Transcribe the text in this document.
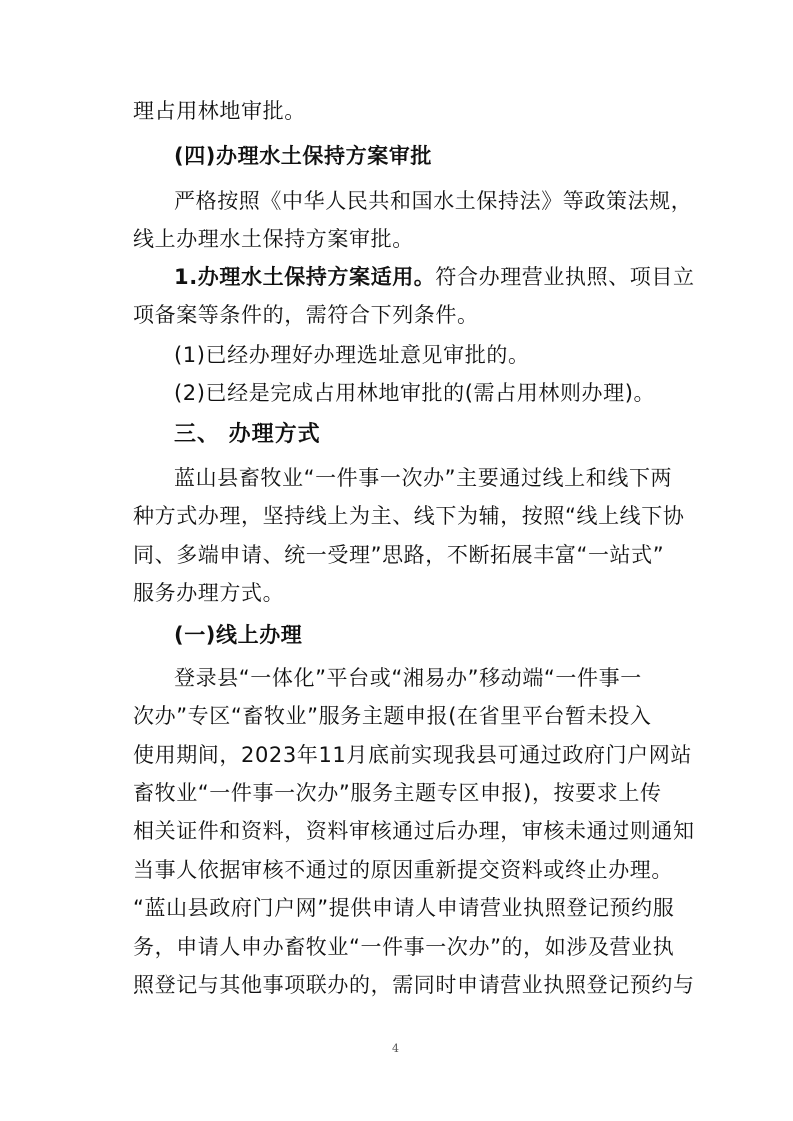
理占用林地审批。
(四)办理水土保持方案审批
严格按照《中华人民共和国水土保持法》等政策法规，
线上办理水土保持方案审批。
1.办理水土保持方案适用。符合办理营业执照、项目立
项备案等条件的，需符合下列条件。
(1)已经办理好办理选址意见审批的。
(2)已经是完成占用林地审批的(需占用林则办理)。
三、 办理方式
蓝山县畜牧业“一件事一次办”主要通过线上和线下两
种方式办理，坚持线上为主、线下为辅，按照“线上线下协
同、多端申请、统一受理”思路，不断拓展丰富“一站式”
服务办理方式。
(一)线上办理
登录县“一体化”平台或“湘易办”移动端“一件事一
次办”专区“畜牧业”服务主题申报(在省里平台暂未投入
使用期间，2023年11月底前实现我县可通过政府门户网站
畜牧业“一件事一次办”服务主题专区申报)，按要求上传
相关证件和资料，资料审核通过后办理，审核未通过则通知
当事人依据审核不通过的原因重新提交资料或终止办理。
“蓝山县政府门户网”提供申请人申请营业执照登记预约服
务，申请人申办畜牧业“一件事一次办”的，如涉及营业执
照登记与其他事项联办的，需同时申请营业执照登记预约与
4
